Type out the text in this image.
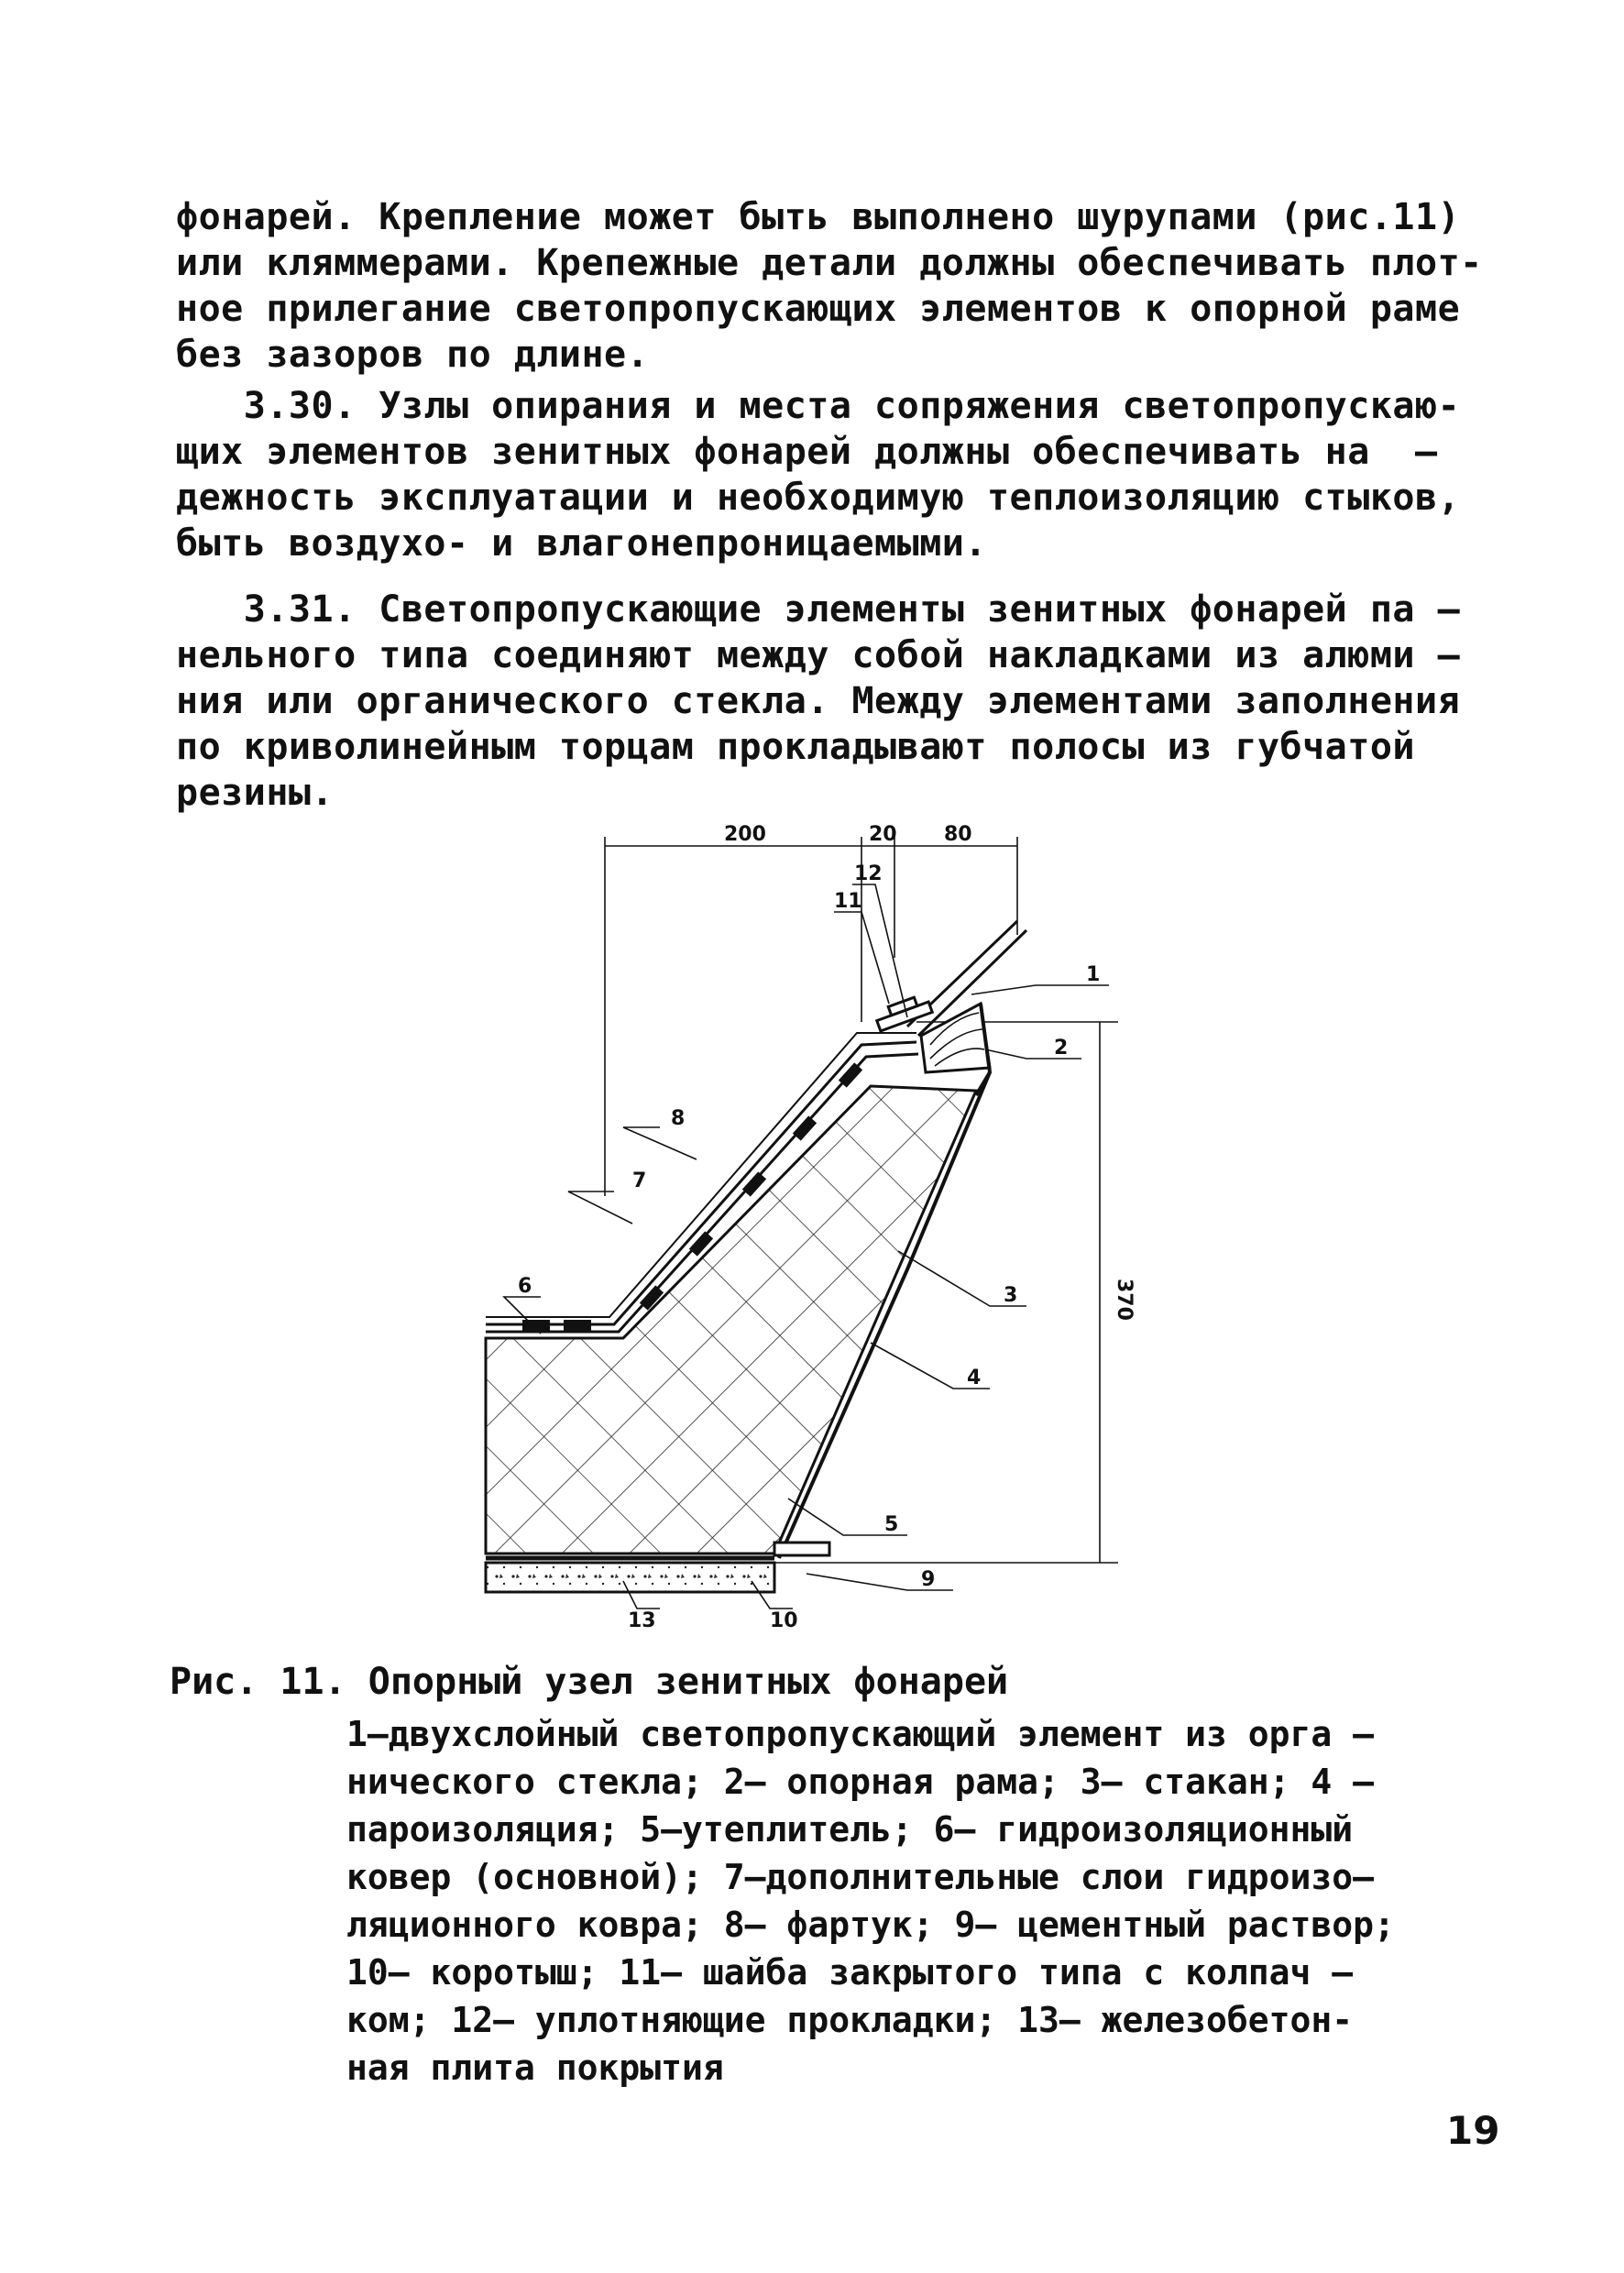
фонарей. Крепление может быть выполнено шурупами (рис.11)
или кляммерами. Крепежные детали должны обеспечивать плот-
ное прилегание светопропускающих элементов к опорной раме
без зазоров по длине.
3.30. Узлы опирания и места сопряжения светопропускаю-
щих элементов зенитных фонарей должны обеспечивать на  –
дежность эксплуатации и необходимую теплоизоляцию стыков,
быть воздухо- и влагонепроницаемыми.
3.31. Светопропускающие элементы зенитных фонарей па –
нельного типа соединяют между собой накладками из алюми –
ния или органического стекла. Между элементами заполнения
по криволинейным торцам прокладывают полосы из губчатой
резины.
200	20 80
370
1
2
3
4
5
6
7
8
9
10
11
12
13
Рис. 11. Опорный узел зенитных фонарей
1–двухслойный светопропускающий элемент из орга –
нического стекла; 2– опорная рама; 3– стакан; 4 –
пароизоляция; 5–утеплитель; 6– гидроизоляционный
ковер (основной); 7–дополнительные слои гидроизо–
ляционного ковра; 8– фартук; 9– цементный раствор;
10– коротыш; 11– шайба закрытого типа с колпач –
ком; 12– уплотняющие прокладки; 13– железобетон-
ная плита покрытия
19
